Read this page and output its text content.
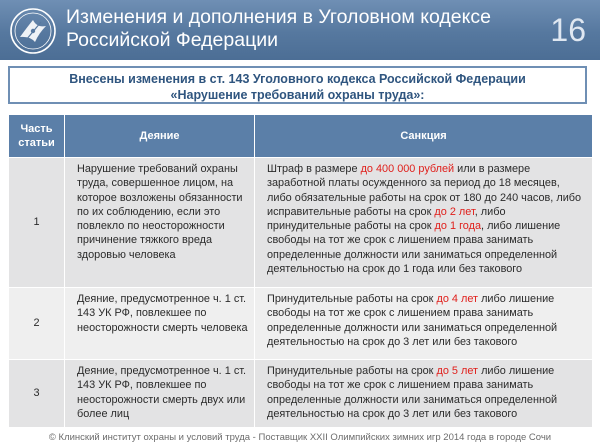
Изменения и дополнения в Уголовном кодексе
Российской Федерации	16
Внесены изменения в ст. 143 Уголовного кодекса Российской Федерации
«Нарушение требований охраны труда»:
Часть статьи	Деяние	Санкция
1	Нарушение требований охраны труда, совершенное лицом, на которое возложены обязанности по их соблюдению, если это повлекло по неосторожности причинение тяжкого вреда здоровью человека	Штраф в размере до 400 000 рублей или в размере заработной платы осужденного за период до 18 месяцев, либо обязательные работы на срок от 180 до 240 часов, либо исправительные работы на срок до 2 лет, либо принудительные работы на срок до 1 года, либо лишение свободы на тот же срок с лишением права занимать определенные должности или заниматься определенной деятельностью на срок до 1 года или без такового
2	Деяние, предусмотренное ч. 1 ст. 143 УК РФ, повлекшее по неосторожности смерть человека	Принудительные работы на срок до 4 лет либо лишение свободы на тот же срок с лишением права занимать определенные должности или заниматься определенной деятельностью на срок до 3 лет или без такового
3	Деяние, предусмотренное ч. 1 ст. 143 УК РФ, повлекшее по неосторожности смерть двух или более лиц	Принудительные работы на срок до 5 лет либо лишение свободы на тот же срок с лишением права занимать определенные должности или заниматься определенной деятельностью на срок до 3 лет или без такового
© Клинский институт охраны и условий труда - Поставщик XXII Олимпийских зимних игр 2014 года в городе Сочи
